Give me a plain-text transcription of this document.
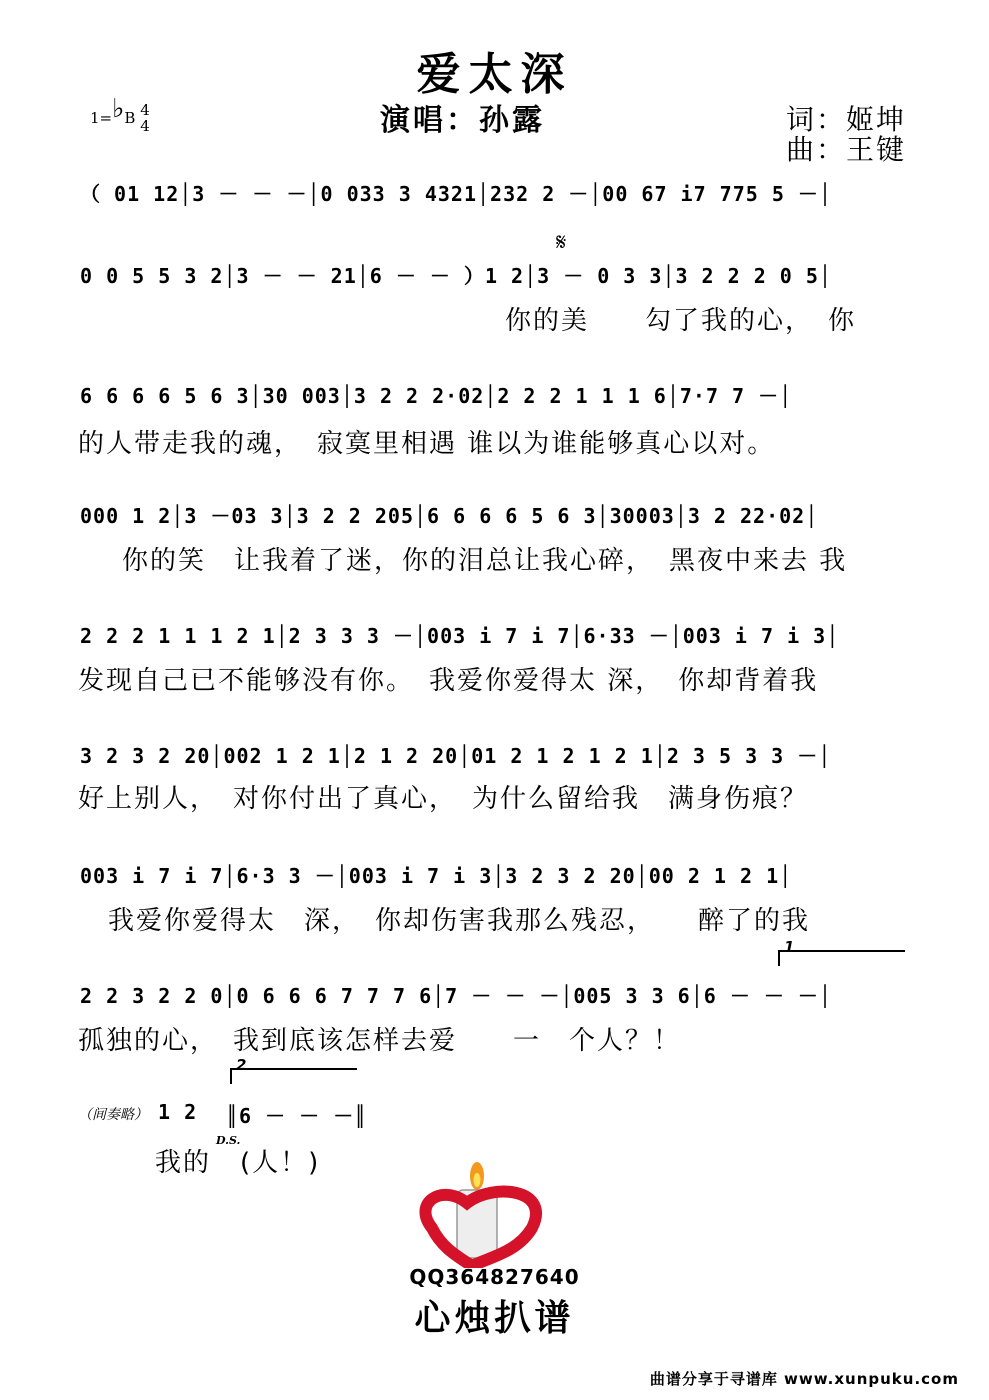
爱太深
演唱：孙露	词：姬坤
曲：王键
1=♭B 4
4
𝄋
（ 01 12│3 － － －│0 033 3 4321│232 2 －│00 67 i7 775 5 －│
0 0 5 5 3 2│3 － － 21│6 － － ）1 2│3 － 0 3 3│3 2 2 2 0 5│
你的美　　勾了我的心，　你
6 6 6 6 5 6 3│30 003│3 2 2 2·02│2 2 2 1 1 1 6│7·7 7 －│
的人带走我的魂，　寂寞里相遇 谁以为谁能够真心以对。
000 1 2│3 －03 3│3 2 2 205│6 6 6 6 5 6 3│30003│3 2 22·02│
你的笑　让我着了迷，你的泪总让我心碎，　黑夜中来去 我
2 2 2 1 1 1 2 1│2 3 3 3 －│003 i 7 i 7│6·33 －│003 i 7 i 3│
发现自己已不能够没有你。　我爱你爱得太 深，　你却背着我
3 2 3 2 20│002 1 2 1│2 1 2 20│01 2 1 2 1 2 1│2 3 5 3 3 －│
好上别人，　对你付出了真心，　为什么留给我　满身伤痕？
003 i 7 i 7│6·3 3 －│003 i 7 i 3│3 2 3 2 20│00 2 1 2 1│
我爱你爱得太　深，　你却伤害我那么残忍，　　醉了的我
1
2 2 3 2 2 0│0 6 6 6 7 7 7 6│7 － － －│005 3 3 6│6 － － －│
孤独的心，　我到底该怎样去爱　　一　个人？！
2
（间奏略） 1 2	║6 － － －║
我的
D.S.
(人！)
QQ364827640
心烛扒谱
曲谱分享于寻谱库 www.xunpuku.com
